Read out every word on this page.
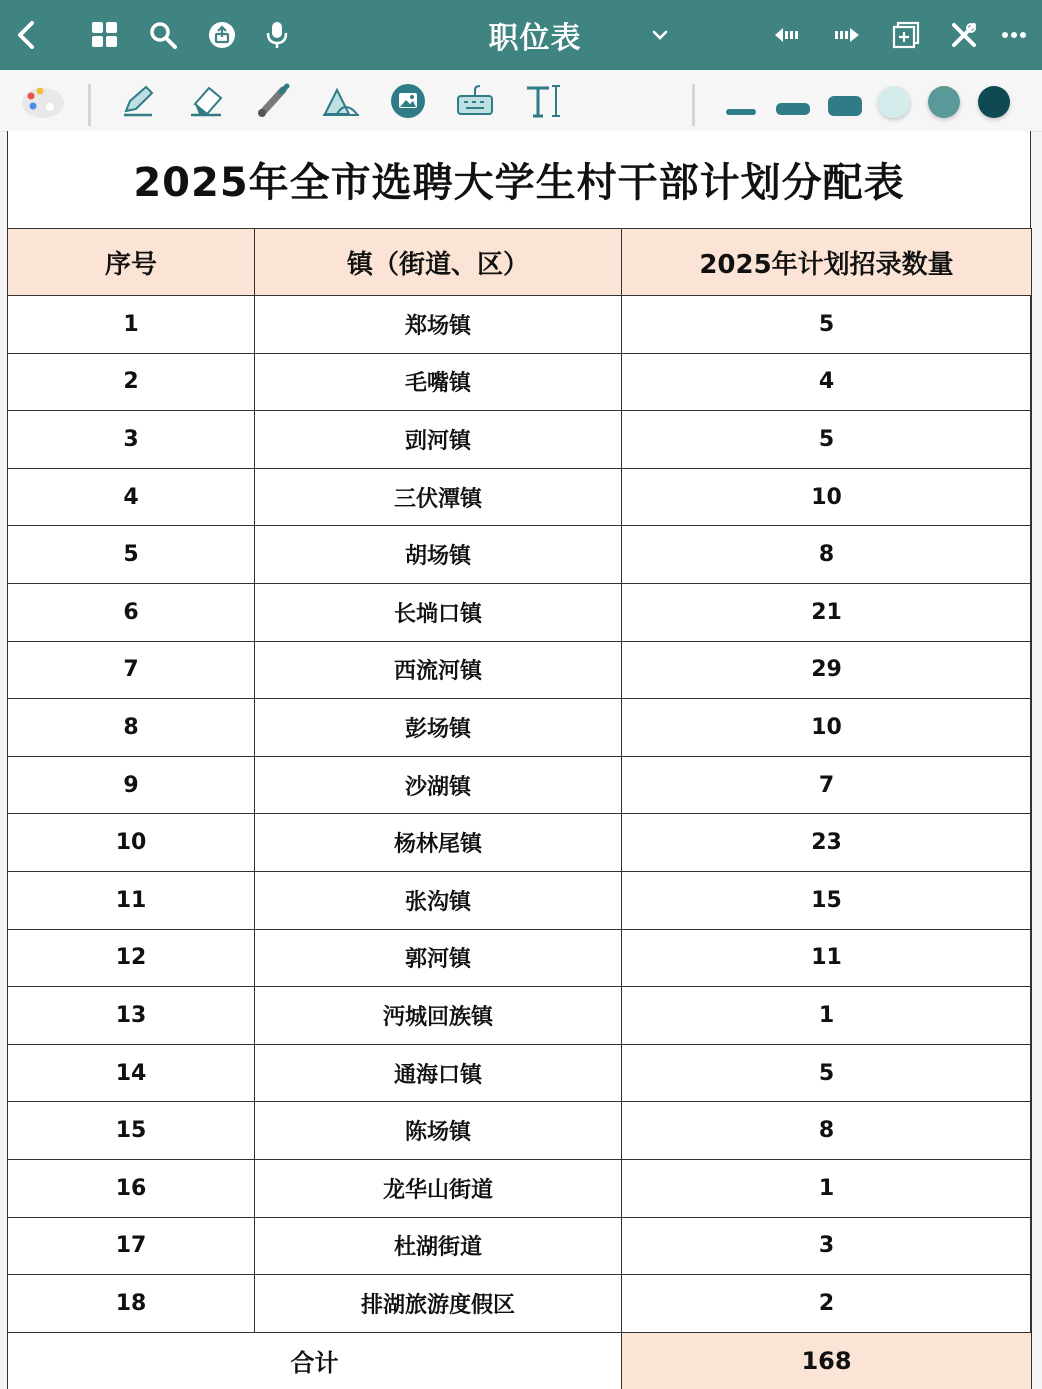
职位表
2025年全市选聘大学生村干部计划分配表
序号	镇（街道、区）	2025年计划招录数量
1	郑场镇	5
2	毛嘴镇	4
3	剅河镇	5
4	三伏潭镇	10
5	胡场镇	8
6	长埫口镇	21
7	西流河镇	29
8	彭场镇	10
9	沙湖镇	7
10	杨林尾镇	23
11	张沟镇	15
12	郭河镇	11
13	沔城回族镇	1
14	通海口镇	5
15	陈场镇	8
16	龙华山街道	1
17	杜湖街道	3
18	排湖旅游度假区	2
合计		168
